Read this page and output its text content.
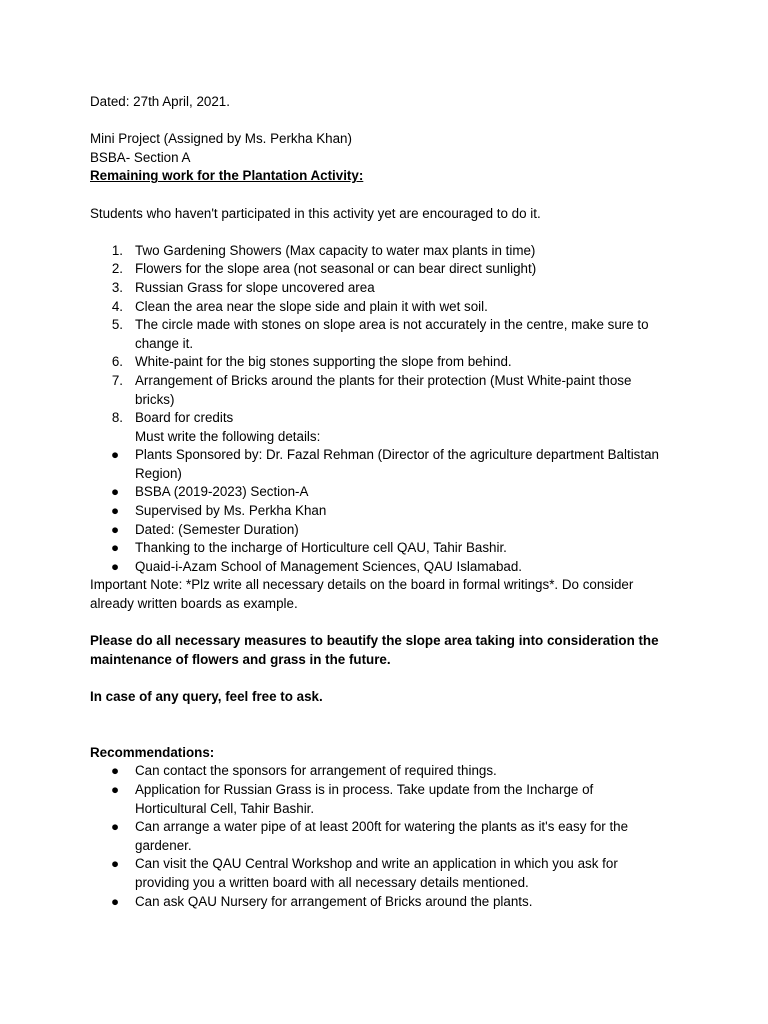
Dated: 27th April, 2021.

Mini Project (Assigned by Ms. Perkha Khan)

BSBA- Section A

Remaining work for the Plantation Activity:

Students who haven't participated in this activity yet are encouraged to do it.

1. Two Gardening Showers (Max capacity to water max plants in time)
2. Flowers for the slope area (not seasonal or can bear direct sunlight)
3. Russian Grass for slope uncovered area
4. Clean the area near the slope side and plain it with wet soil.
5. The circle made with stones on slope area is not accurately in the centre, make sure to
change it.
6. White-paint for the big stones supporting the slope from behind.
7. Arrangement of Bricks around the plants for their protection (Must White-paint those
bricks)
8. Board for credits

Must write the following details:

● Plants Sponsored by: Dr. Fazal Rehman (Director of the agriculture department Baltistan
Region)
● BSBA (2019-2023) Section-A
● Supervised by Ms. Perkha Khan
● Dated: (Semester Duration)
● Thanking to the incharge of Horticulture cell QAU, Tahir Bashir.
● Quaid-i-Azam School of Management Sciences, QAU Islamabad.

Important Note: *Plz write all necessary details on the board in formal writings*. Do consider

already written boards as example.

Please do all necessary measures to beautify the slope area taking into consideration the

maintenance of flowers and grass in the future.

In case of any query, feel free to ask.

Recommendations:

● Can contact the sponsors for arrangement of required things.
● Application for Russian Grass is in process. Take update from the Incharge of
Horticultural Cell, Tahir Bashir.
● Can arrange a water pipe of at least 200ft for watering the plants as it's easy for the
gardener.
● Can visit the QAU Central Workshop and write an application in which you ask for
providing you a written board with all necessary details mentioned.
● Can ask QAU Nursery for arrangement of Bricks around the plants.
